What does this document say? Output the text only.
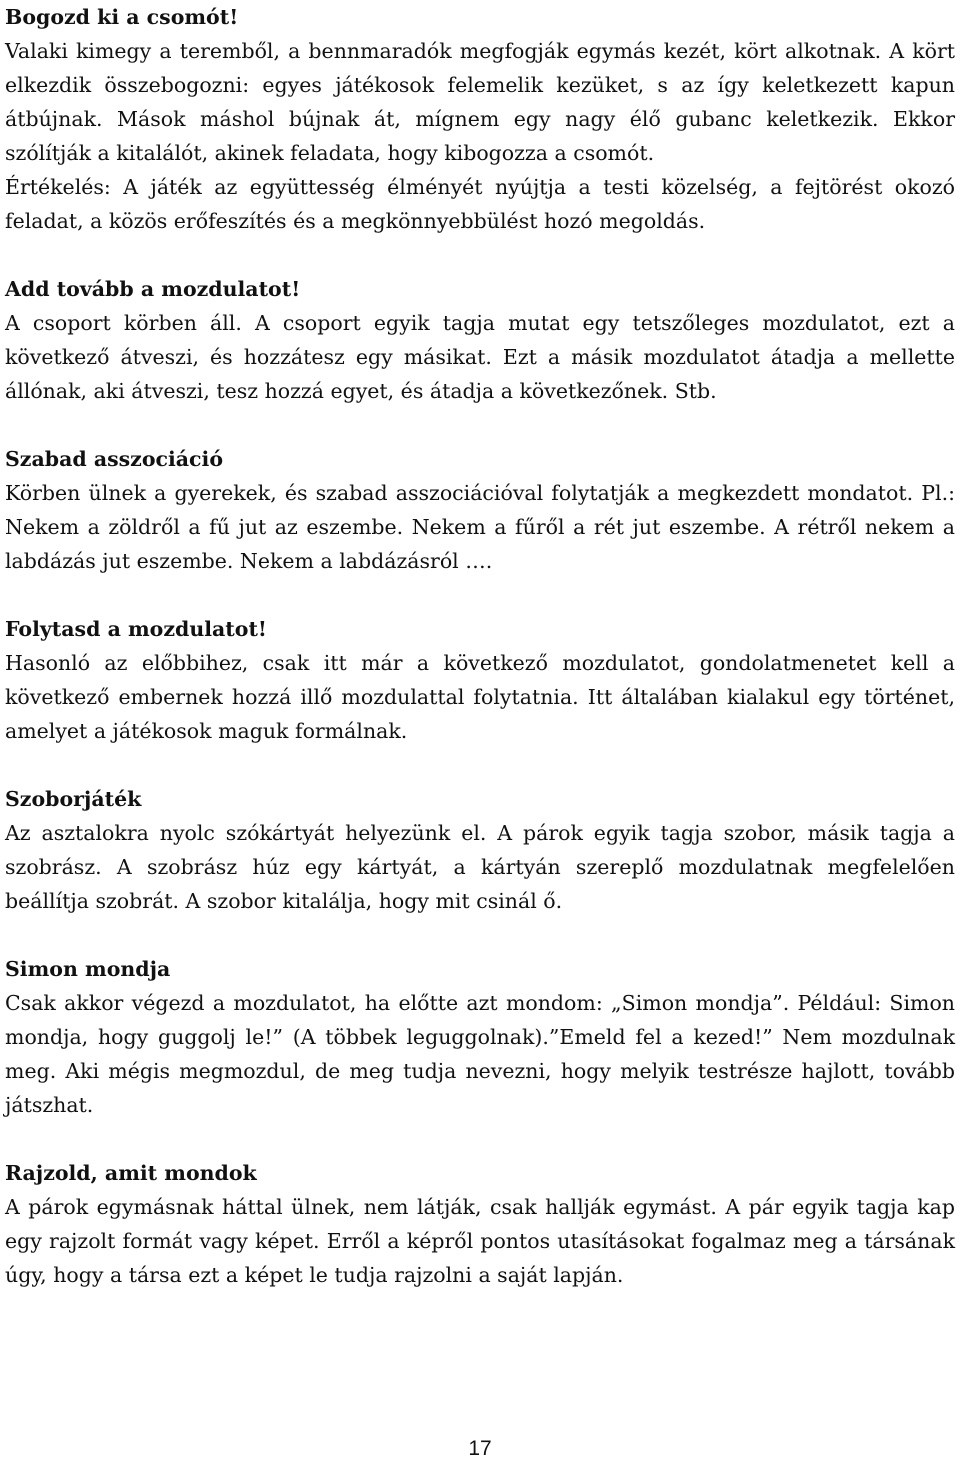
Bogozd ki a csomót!

Valaki kimegy a teremből, a bennmaradók megfogják egymás kezét, kört alkotnak. A kört elkezdik összebogozni: egyes játékosok felemelik kezüket, s az így keletkezett kapun átbújnak. Mások máshol bújnak át, mígnem egy nagy élő gubanc keletkezik. Ekkor szólítják a kitalálót, akinek feladata, hogy kibogozza a csomót.

Értékelés: A játék az együttesség élményét nyújtja a testi közelség, a fejtörést okozó feladat, a közös erőfeszítés és a megkönnyebbülést hozó megoldás.

Add tovább a mozdulatot!

A csoport körben áll. A csoport egyik tagja mutat egy tetszőleges mozdulatot, ezt a következő átveszi, és hozzátesz egy másikat. Ezt a másik mozdulatot átadja a mellette állónak, aki átveszi, tesz hozzá egyet, és átadja a következőnek. Stb.

Szabad asszociáció

Körben ülnek a gyerekek, és szabad asszociációval folytatják a megkezdett mondatot. Pl.: Nekem a zöldről a fű jut az eszembe. Nekem a fűről a rét jut eszembe. A rétről nekem a labdázás jut eszembe. Nekem a labdázásról ….

Folytasd a mozdulatot!

Hasonló az előbbihez, csak itt már a következő mozdulatot, gondolatmenetet kell a következő embernek hozzá illő mozdulattal folytatnia. Itt általában kialakul egy történet, amelyet a játékosok maguk formálnak.

Szoborjáték

Az asztalokra nyolc szókártyát helyezünk el. A párok egyik tagja szobor, másik tagja a szobrász. A szobrász húz egy kártyát, a kártyán szereplő mozdulatnak megfelelően beállítja szobrát. A szobor kitalálja, hogy mit csinál ő.

Simon mondja

Csak akkor végezd a mozdulatot, ha előtte azt mondom: „Simon mondja”. Például: Simon mondja, hogy guggolj le!” (A többek leguggolnak).”Emeld fel a kezed!” Nem mozdulnak meg. Aki mégis megmozdul, de meg tudja nevezni, hogy melyik testrésze hajlott, tovább játszhat.

Rajzold, amit mondok

A párok egymásnak háttal ülnek, nem látják, csak hallják egymást. A pár egyik tagja kap egy rajzolt formát vagy képet. Erről a képről pontos utasításokat fogalmaz meg a társának úgy, hogy a társa ezt a képet le tudja rajzolni a saját lapján.

17
